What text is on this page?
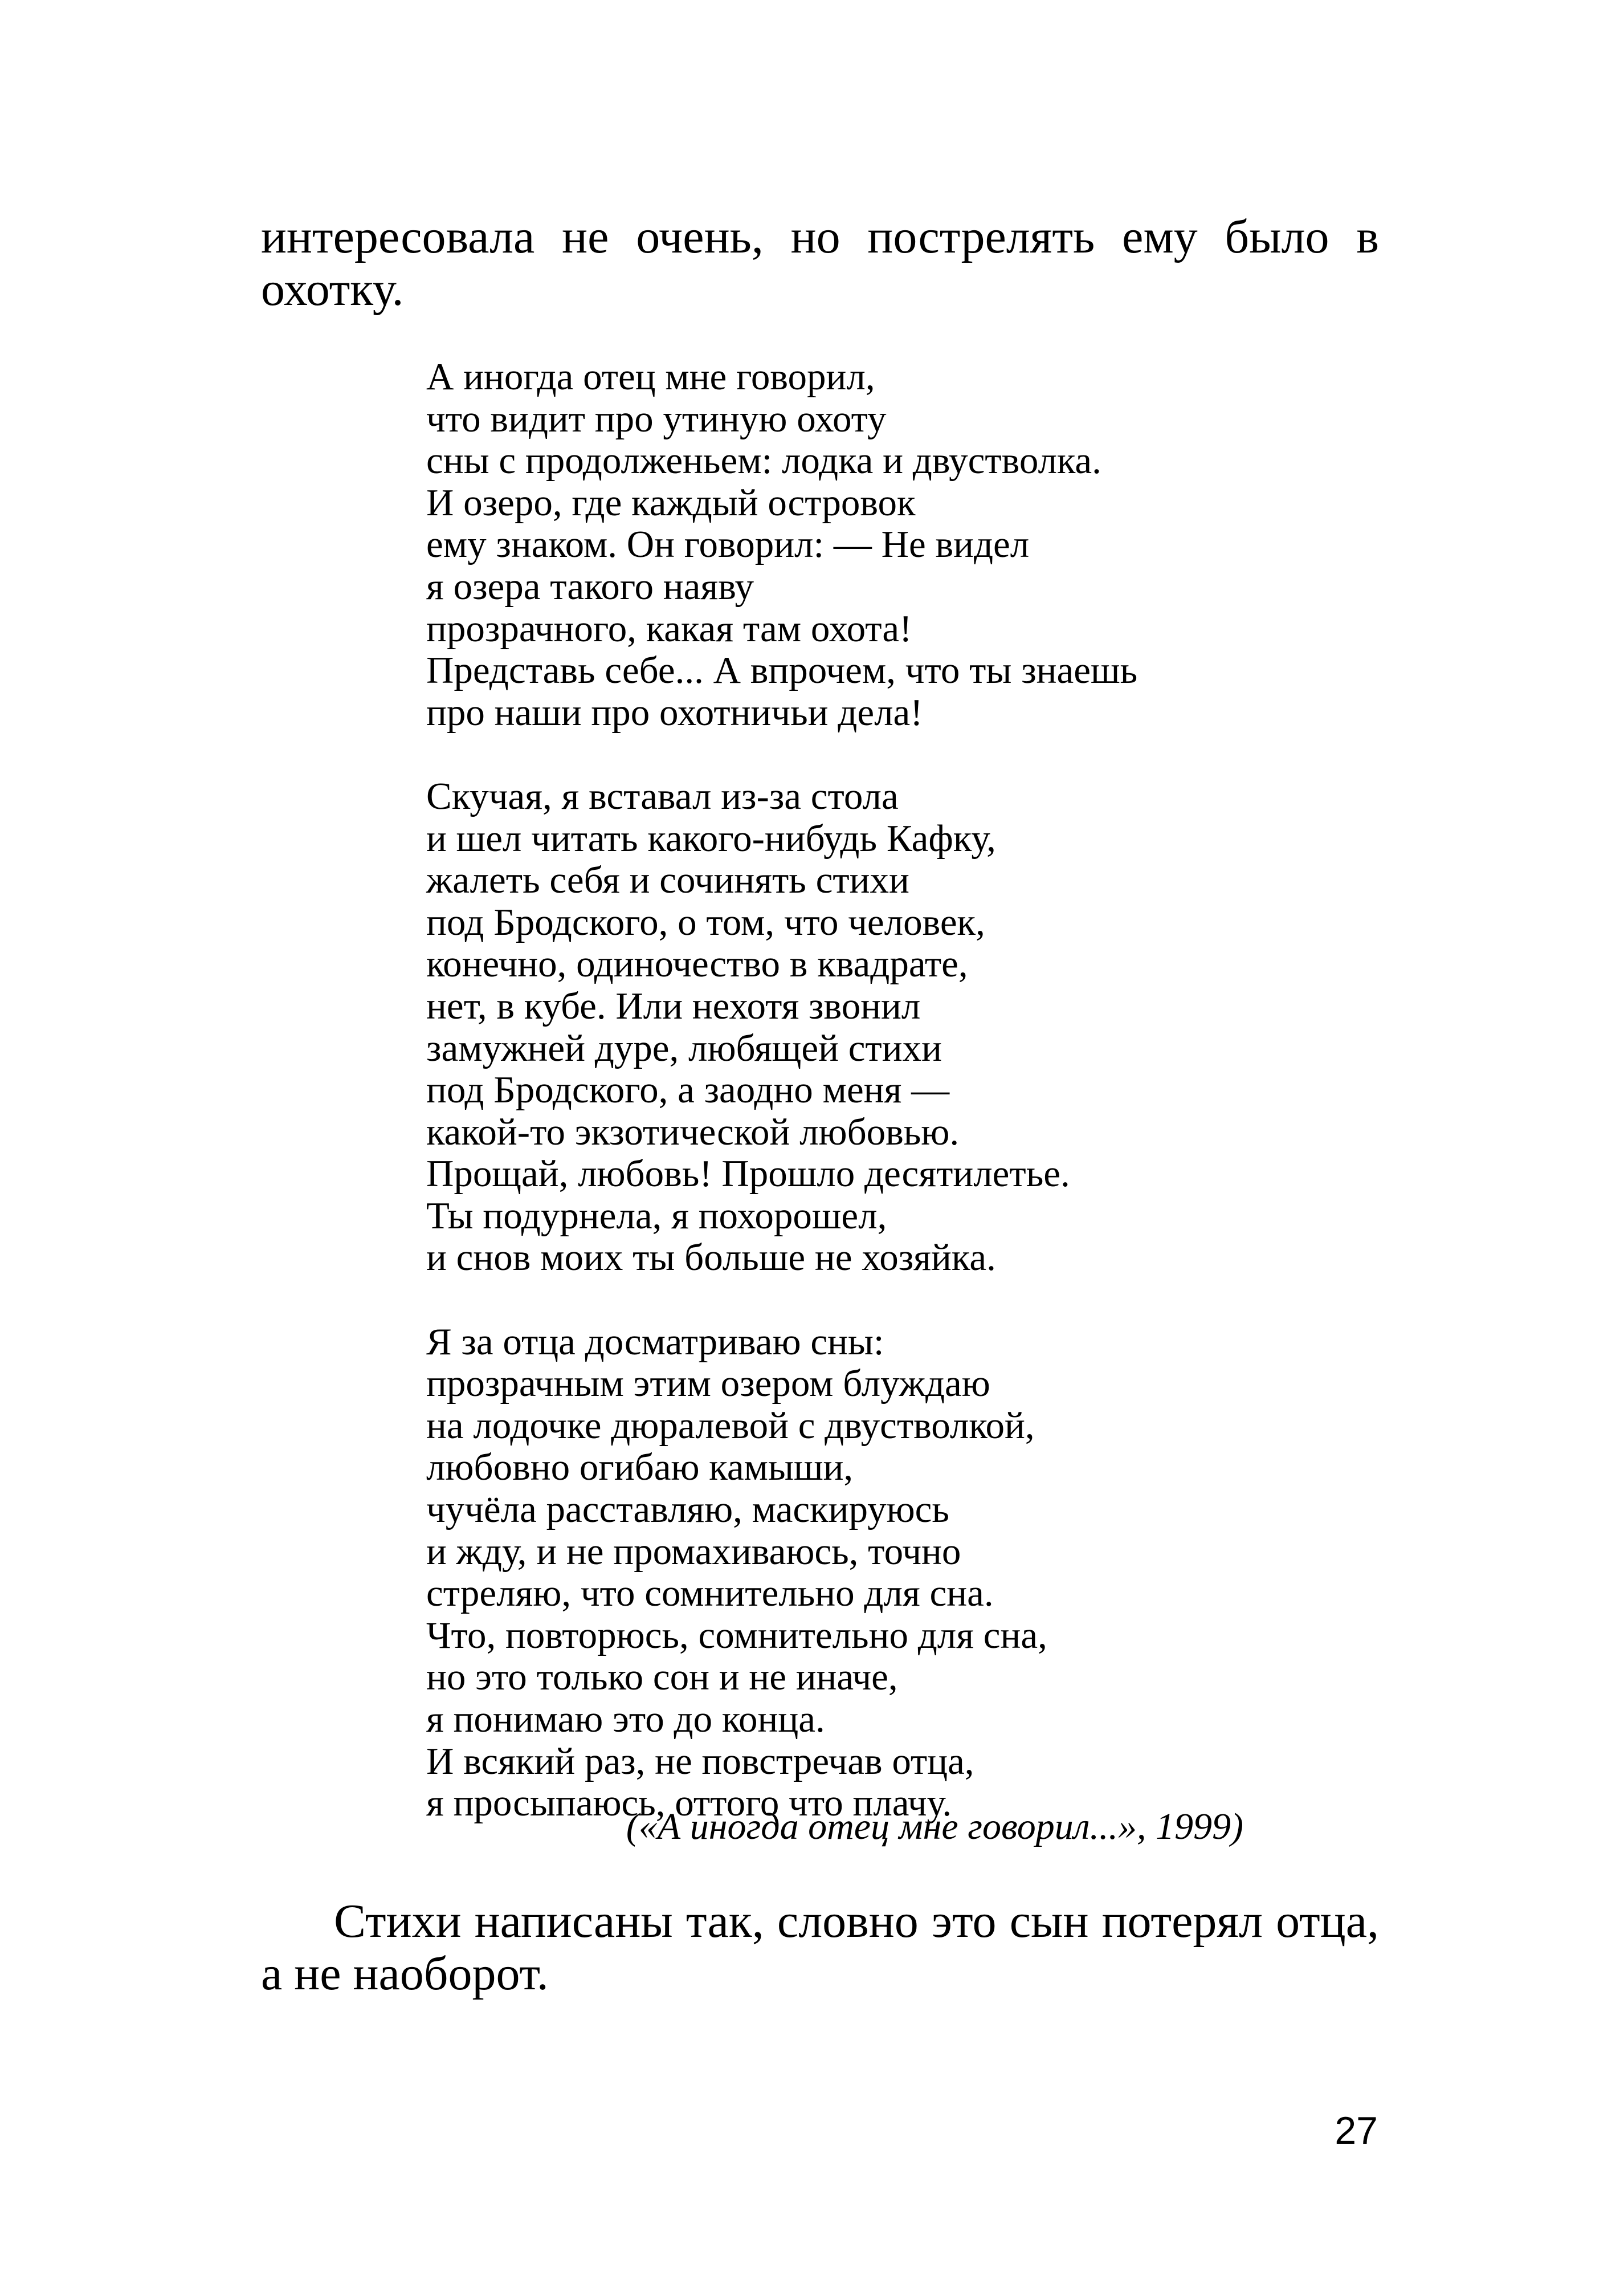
интересовала не очень, но пострелять ему было в охотку.

А иногда отец мне говорил,
что видит про утиную охоту
сны с продолженьем: лодка и двустволка.
И озеро, где каждый островок
ему знаком. Он говорил: — Не видел
я озера такого наяву
прозрачного, какая там охота!
Представь себе... А впрочем, что ты знаешь
про наши про охотничьи дела!
Скучая, я вставал из-за стола
и шел читать какого-нибудь Кафку,
жалеть себя и сочинять стихи
под Бродского, о том, что человек,
конечно, одиночество в квадрате,
нет, в кубе. Или нехотя звонил
замужней дуре, любящей стихи
под Бродского, а заодно меня —
какой-то экзотической любовью.
Прощай, любовь! Прошло десятилетье.
Ты подурнела, я похорошел,
и снов моих ты больше не хозяйка.
Я за отца досматриваю сны:
прозрачным этим озером блуждаю
на лодочке дюралевой с двустволкой,
любовно огибаю камыши,
чучёла расставляю, маскируюсь
и жду, и не промахиваюсь, точно
стреляю, что сомнительно для сна.
Что, повторюсь, сомнительно для сна,
но это только сон и не иначе,
я понимаю это до конца.
И всякий раз, не повстречав отца,
я просыпаюсь, оттого что плачу.

(«А иногда отец мне говорил...», 1999)

Стихи написаны так, словно это сын потерял отца, а не наоборот.

27
